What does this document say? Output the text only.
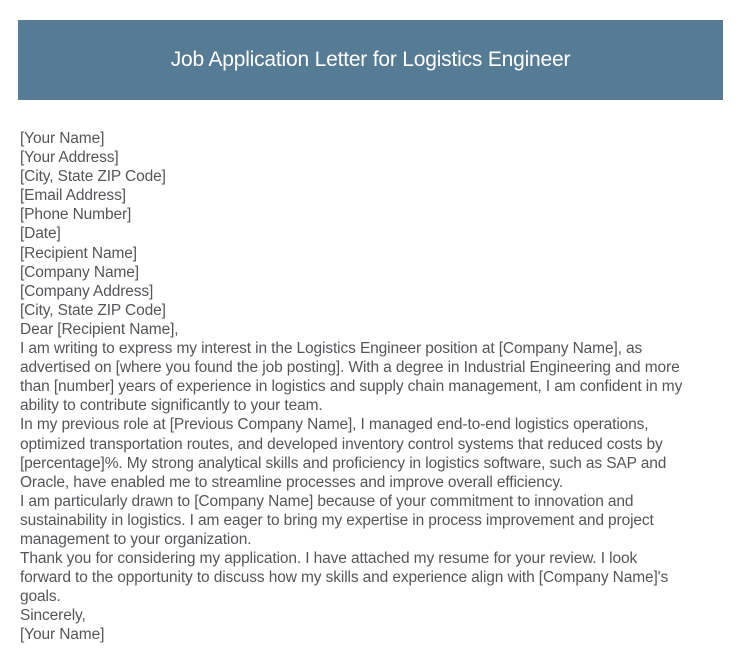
Job Application Letter for Logistics Engineer
[Your Name]
[Your Address]
[City, State ZIP Code]
[Email Address]
[Phone Number]
[Date]
[Recipient Name]
[Company Name]
[Company Address]
[City, State ZIP Code]
Dear [Recipient Name],
I am writing to express my interest in the Logistics Engineer position at [Company Name], as
advertised on [where you found the job posting]. With a degree in Industrial Engineering and more
than [number] years of experience in logistics and supply chain management, I am confident in my
ability to contribute significantly to your team.
In my previous role at [Previous Company Name], I managed end-to-end logistics operations,
optimized transportation routes, and developed inventory control systems that reduced costs by
[percentage]%. My strong analytical skills and proficiency in logistics software, such as SAP and
Oracle, have enabled me to streamline processes and improve overall efficiency.
I am particularly drawn to [Company Name] because of your commitment to innovation and
sustainability in logistics. I am eager to bring my expertise in process improvement and project
management to your organization.
Thank you for considering my application. I have attached my resume for your review. I look
forward to the opportunity to discuss how my skills and experience align with [Company Name]'s
goals.
Sincerely,
[Your Name]
